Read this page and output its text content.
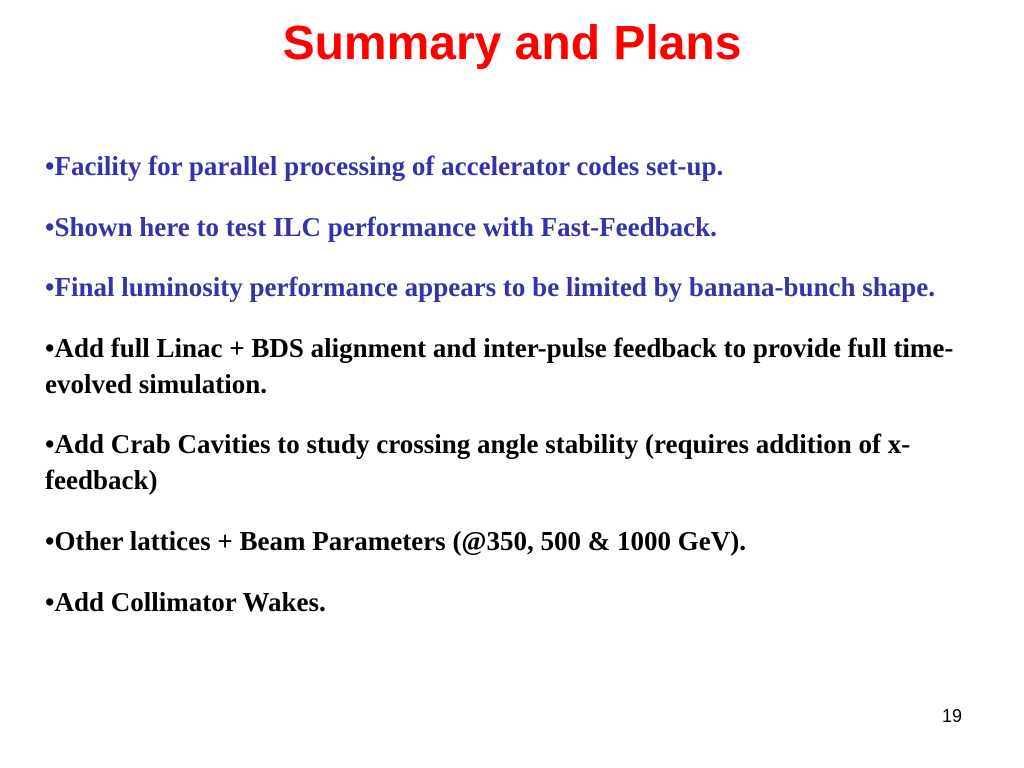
Summary and Plans
•Facility for parallel processing of accelerator codes set-up.
•Shown here to test ILC performance with Fast-Feedback.
•Final luminosity performance appears to be limited by banana-bunch shape.
•Add full Linac + BDS alignment and inter-pulse feedback to provide full time-evolved simulation.
•Add Crab Cavities to study crossing angle stability (requires addition of x-feedback)
•Other lattices + Beam Parameters (@350, 500 & 1000 GeV).
•Add Collimator Wakes.
19
